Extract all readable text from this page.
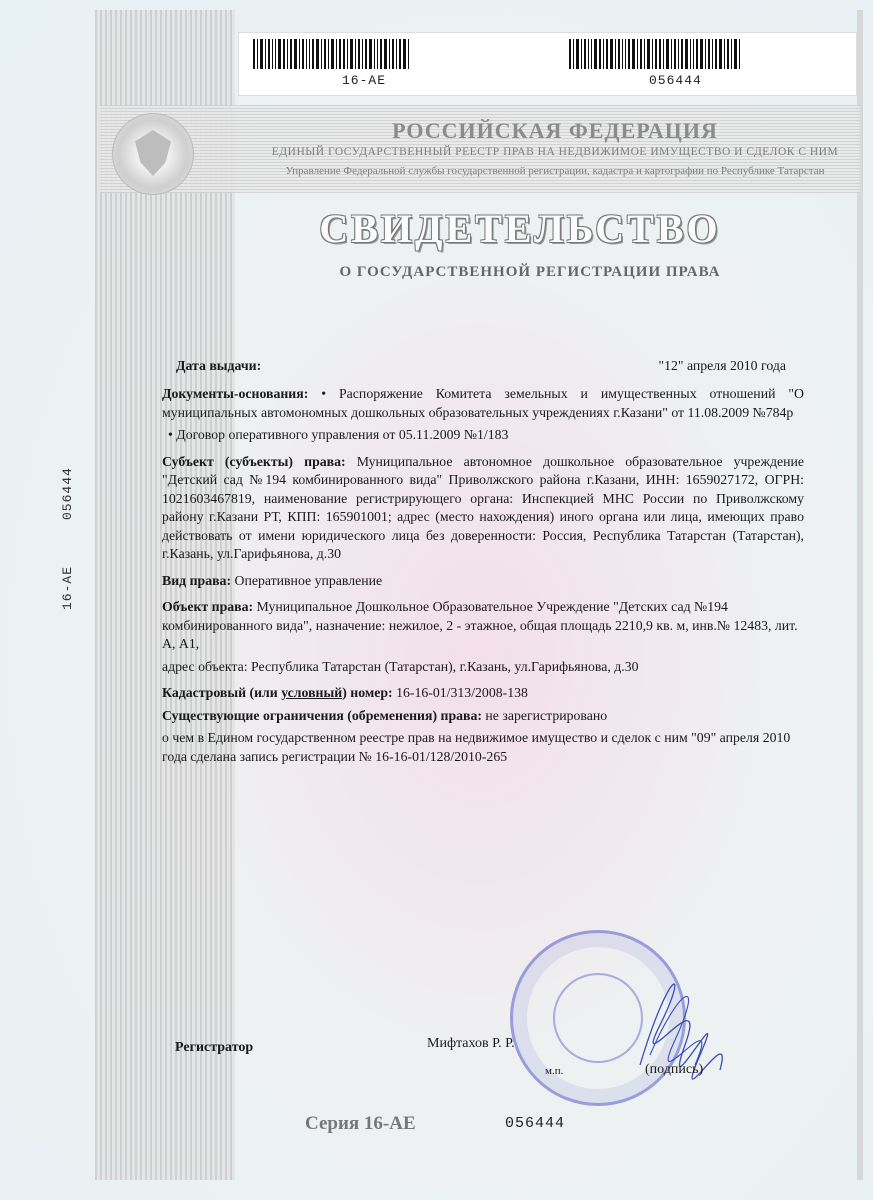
16-АЕ	056444
РОССИЙСКАЯ ФЕДЕРАЦИЯ
ЕДИНЫЙ ГОСУДАРСТВЕННЫЙ РЕЕСТР ПРАВ НА НЕДВИЖИМОЕ ИМУЩЕСТВО И СДЕЛОК С НИМ
Управление Федеральной службы государственной регистрации, кадастра и картографии по Республике Татарстан
СВИДЕТЕЛЬСТВО
О ГОСУДАРСТВЕННОЙ РЕГИСТРАЦИИ ПРАВА
16-АЕ
056444
Дата выдачи:	"12" апреля 2010 года
Документы-основания: • Распоряжение Комитета земельных и имущественных отношений "О муниципальных автомономных дошкольных образовательных учреждениях г.Казани" от 11.08.2009 №784р
• Договор оперативного управления от 05.11.2009 №1/183
Субъект (субъекты) права: Муниципальное автономное дошкольное образовательное учреждение "Детский сад №194 комбинированного вида" Приволжского района г.Казани, ИНН: 1659027172, ОГРН: 1021603467819, наименование регистрирующего органа: Инспекцией МНС России по Приволжскому району г.Казани РТ, КПП: 165901001; адрес (место нахождения) иного органа или лица, имеющих право действовать от имени юридического лица без доверенности: Россия, Республика Татарстан (Татарстан), г.Казань, ул.Гарифьянова, д.30
Вид права: Оперативное управление
Объект права: Муниципальное Дошкольное Образовательное Учреждение "Детских сад №194 комбинированного вида", назначение: нежилое, 2 - этажное, общая площадь 2210,9 кв. м, инв.№ 12483, лит. А, А1,
адрес объекта: Республика Татарстан (Татарстан), г.Казань, ул.Гарифьянова, д.30
Кадастровый (или условный) номер: 16-16-01/313/2008-138
Существующие ограничения (обременения) права: не зарегистрировано
о чем в Едином государственном реестре прав на недвижимое имущество и сделок с ним "09" апреля 2010 года сделана запись регистрации № 16-16-01/128/2010-265
Регистратор	Мифтахов Р. Р.
м.п.	(подпись)
Серия 16-АЕ	056444
